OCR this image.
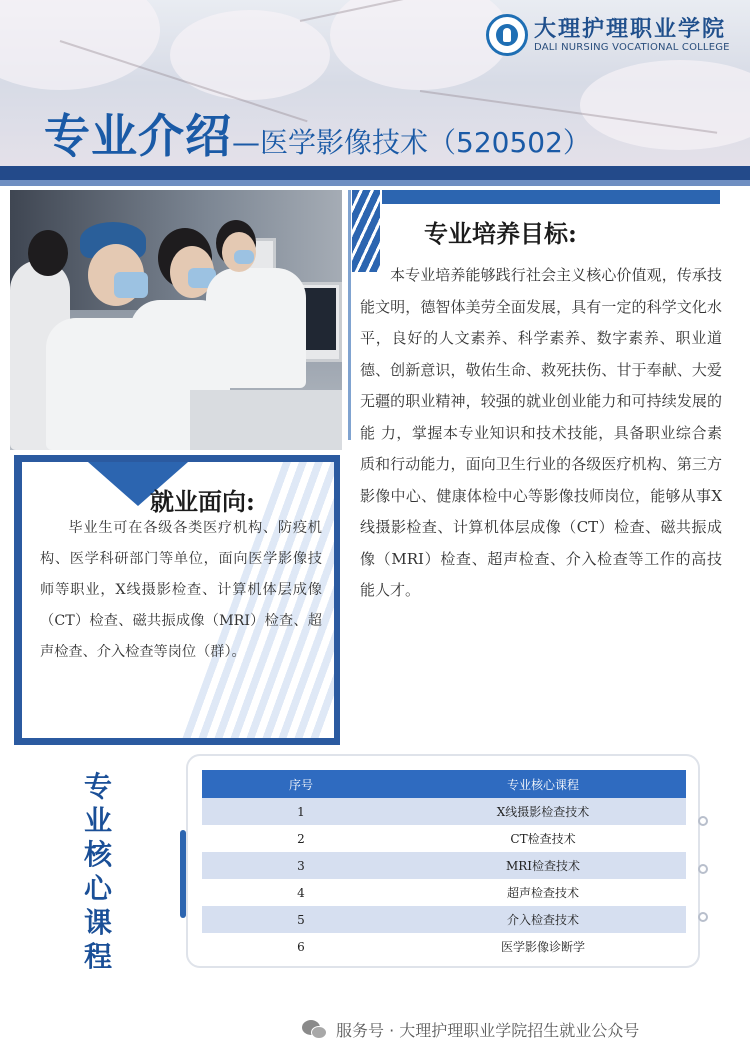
大理护理职业学院
DALI NURSING VOCATIONAL COLLEGE
专业介绍—医学影像技术（520502）
专业培养目标:
本专业培养能够践行社会主义核心价值观，传承技能文明，德智体美劳全面发展，具有一定的科学文化水平，良好的人文素养、科学素养、数字素养、职业道德、创新意识，敬佑生命、救死扶伤、甘于奉献、大爱无疆的职业精神，较强的就业创业能力和可持续发展的能 力，掌握本专业知识和技术技能，具备职业综合素质和行动能力，面向卫生行业的各级医疗机构、第三方影像中心、健康体检中心等影像技师岗位，能够从事X线摄影检查、计算机体层成像（CT）检查、磁共振成像（MRI）检查、超声检查、介入检查等工作的高技能人才。
就业面向:
毕业生可在各级各类医疗机构、防疫机构、医学科研部门等单位，面向医学影像技师等职业，X线摄影检查、计算机体层成像（CT）检查、磁共振成像（MRI）检查、超声检查、介入检查等岗位（群）。
专业核心课程
序号	专业核心课程
1	X线摄影检查技术
2	CT检查技术
3	MRI检查技术
4	超声检查技术
5	介入检查技术
6	医学影像诊断学
服务号 · 大理护理职业学院招生就业公众号
